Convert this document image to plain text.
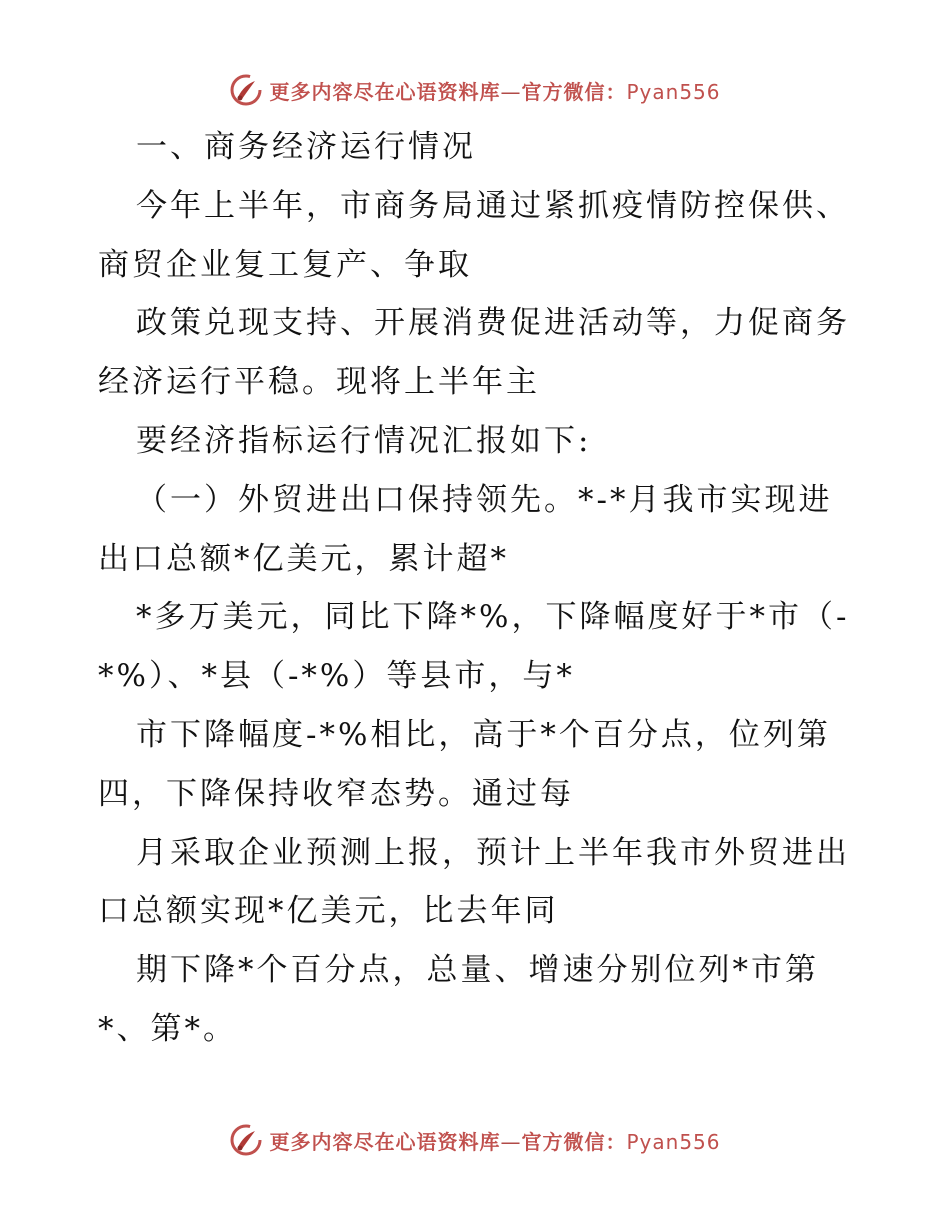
更多内容尽在心语资料库—官方微信：Pyan556
一、商务经济运行情况
今年上半年，市商务局通过紧抓疫情防控保供、
商贸企业复工复产、争取
政策兑现支持、开展消费促进活动等，力促商务
经济运行平稳。现将上半年主
要经济指标运行情况汇报如下:
（一）外贸进出口保持领先。*-*月我市实现进
出口总额*亿美元，累计超*
*多万美元，同比下降*%，下降幅度好于*市（-
*%）、*县（-*%）等县市，与*
市下降幅度-*%相比，高于*个百分点，位列第
四，下降保持收窄态势。通过每
月采取企业预测上报，预计上半年我市外贸进出
口总额实现*亿美元，比去年同
期下降*个百分点，总量、增速分别位列*市第
*、第*。
更多内容尽在心语资料库—官方微信：Pyan556
